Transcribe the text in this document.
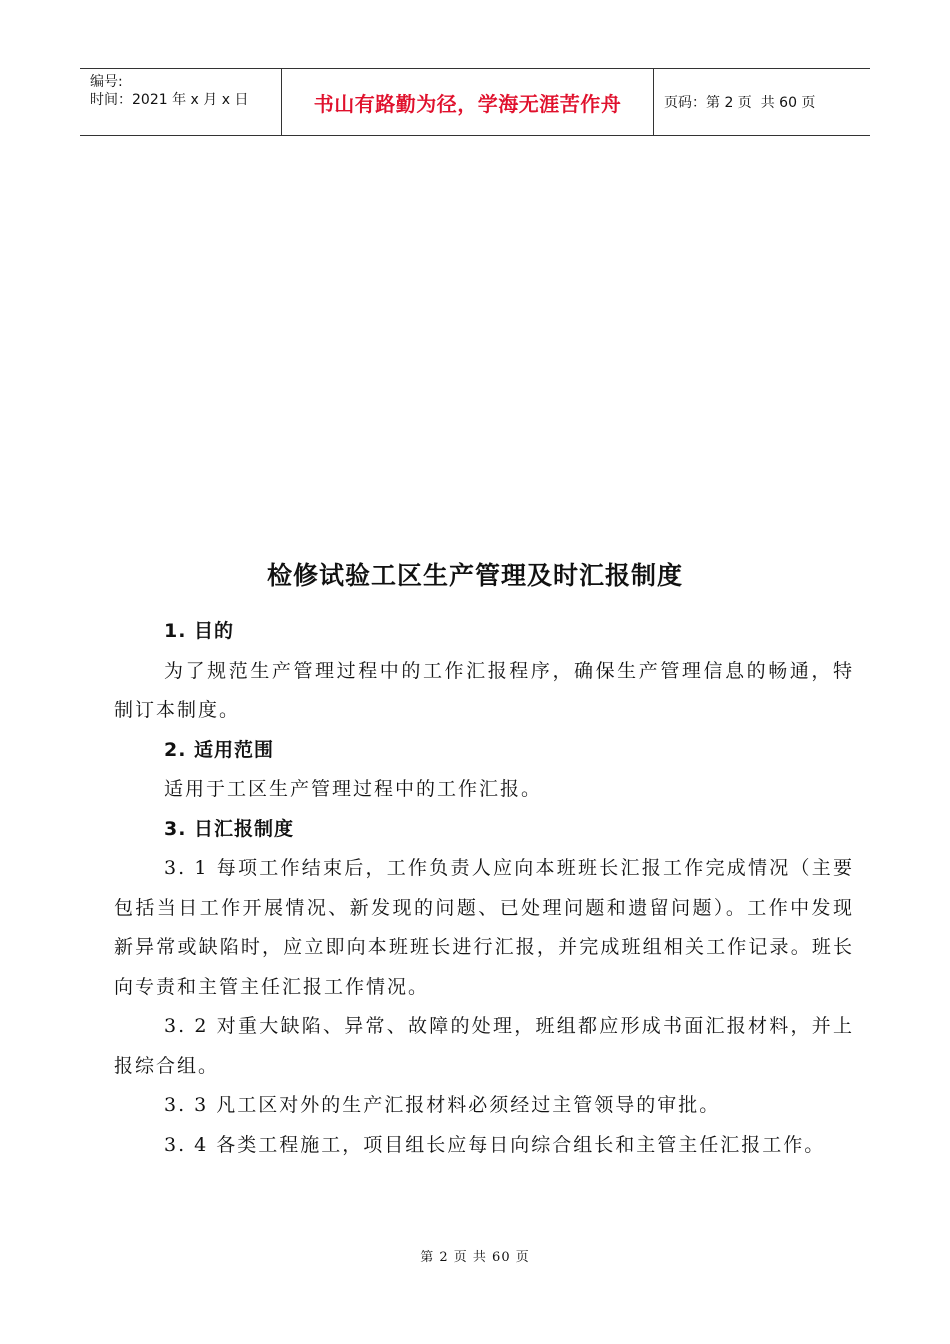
编号:
时间：2021 年 x 月 x 日	书山有路勤为径，学海无涯苦作舟	页码：第 2 页  共 60 页
检修试验工区生产管理及时汇报制度

1. 目的

为了规范生产管理过程中的工作汇报程序，确保生产管理信息的畅通，特制订本制度。

2. 适用范围

适用于工区生产管理过程中的工作汇报。

3. 日汇报制度

3. 1 每项工作结束后，工作负责人应向本班班长汇报工作完成情况（主要包括当日工作开展情况、新发现的问题、已处理问题和遗留问题）。工作中发现新异常或缺陷时，应立即向本班班长进行汇报，并完成班组相关工作记录。班长向专责和主管主任汇报工作情况。

3. 2 对重大缺陷、异常、故障的处理，班组都应形成书面汇报材料，并上报综合组。

3. 3 凡工区对外的生产汇报材料必须经过主管领导的审批。

3. 4 各类工程施工，项目组长应每日向综合组长和主管主任汇报工作。

第 2 页 共 60 页
